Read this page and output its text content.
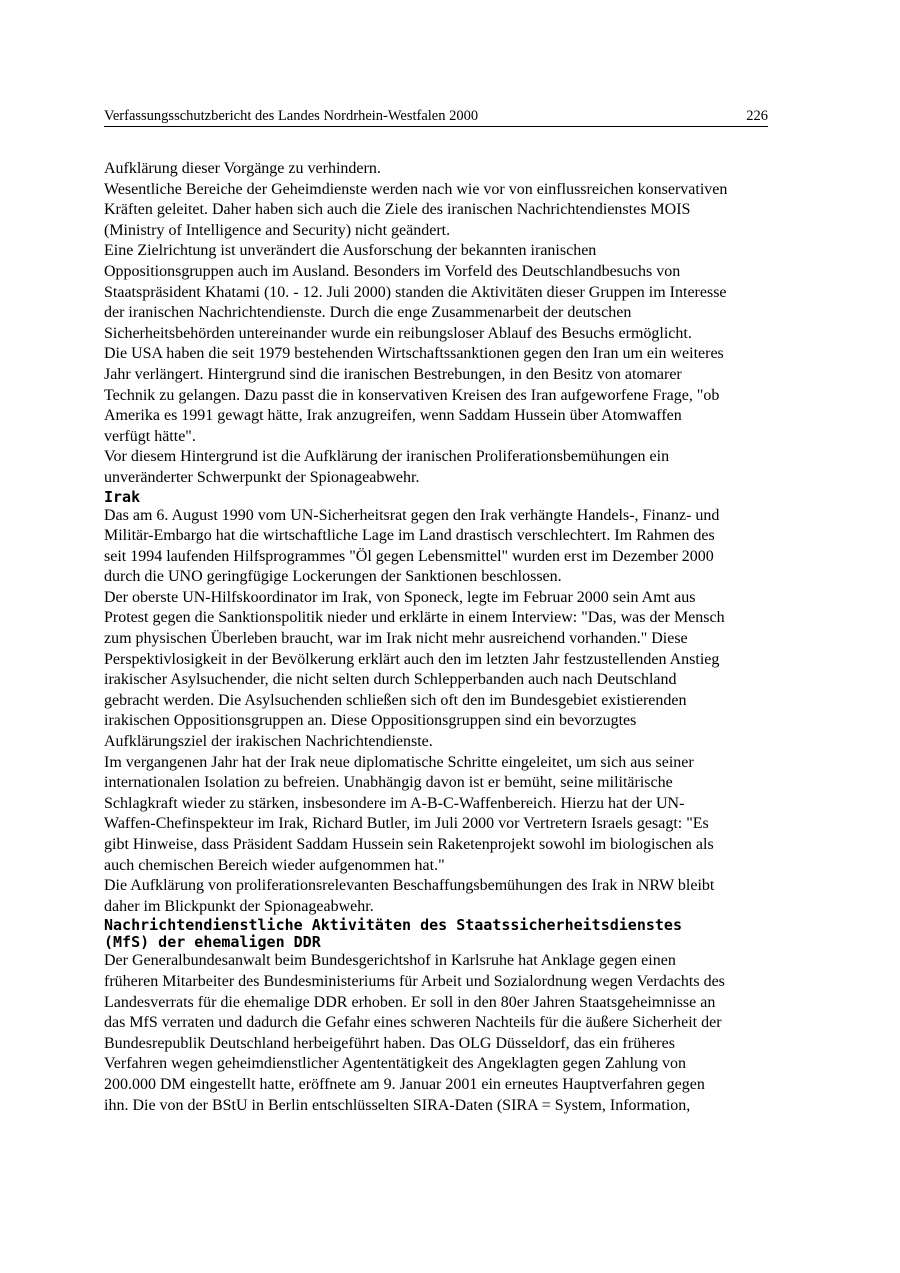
Verfassungsschutzbericht des Landes Nordrhein-Westfalen 2000	226

Aufklärung dieser Vorgänge zu verhindern.
Wesentliche Bereiche der Geheimdienste werden nach wie vor von einflussreichen konservativen
Kräften geleitet. Daher haben sich auch die Ziele des iranischen Nachrichtendienstes MOIS
(Ministry of Intelligence and Security) nicht geändert.
Eine Zielrichtung ist unverändert die Ausforschung der bekannten iranischen
Oppositionsgruppen auch im Ausland. Besonders im Vorfeld des Deutschlandbesuchs von
Staatspräsident Khatami (10. - 12. Juli 2000) standen die Aktivitäten dieser Gruppen im Interesse
der iranischen Nachrichtendienste. Durch die enge Zusammenarbeit der deutschen
Sicherheitsbehörden untereinander wurde ein reibungsloser Ablauf des Besuchs ermöglicht.
Die USA haben die seit 1979 bestehenden Wirtschaftssanktionen gegen den Iran um ein weiteres
Jahr verlängert. Hintergrund sind die iranischen Bestrebungen, in den Besitz von atomarer
Technik zu gelangen. Dazu passt die in konservativen Kreisen des Iran aufgeworfene Frage, "ob
Amerika es 1991 gewagt hätte, Irak anzugreifen, wenn Saddam Hussein über Atomwaffen
verfügt hätte".
Vor diesem Hintergrund ist die Aufklärung der iranischen Proliferationsbemühungen ein
unveränderter Schwerpunkt der Spionageabwehr.

Irak

Das am 6. August 1990 vom UN-Sicherheitsrat gegen den Irak verhängte Handels-, Finanz- und
Militär-Embargo hat die wirtschaftliche Lage im Land drastisch verschlechtert. Im Rahmen des
seit 1994 laufenden Hilfsprogrammes "Öl gegen Lebensmittel" wurden erst im Dezember 2000
durch die UNO geringfügige Lockerungen der Sanktionen beschlossen.
Der oberste UN-Hilfskoordinator im Irak, von Sponeck, legte im Februar 2000 sein Amt aus
Protest gegen die Sanktionspolitik nieder und erklärte in einem Interview: "Das, was der Mensch
zum physischen Überleben braucht, war im Irak nicht mehr ausreichend vorhanden." Diese
Perspektivlosigkeit in der Bevölkerung erklärt auch den im letzten Jahr festzustellenden Anstieg
irakischer Asylsuchender, die nicht selten durch Schlepperbanden auch nach Deutschland
gebracht werden. Die Asylsuchenden schließen sich oft den im Bundesgebiet existierenden
irakischen Oppositionsgruppen an. Diese Oppositionsgruppen sind ein bevorzugtes
Aufklärungsziel der irakischen Nachrichtendienste.
Im vergangenen Jahr hat der Irak neue diplomatische Schritte eingeleitet, um sich aus seiner
internationalen Isolation zu befreien. Unabhängig davon ist er bemüht, seine militärische
Schlagkraft wieder zu stärken, insbesondere im A-B-C-Waffenbereich. Hierzu hat der UN-
Waffen-Chefinspekteur im Irak, Richard Butler, im Juli 2000 vor Vertretern Israels gesagt: "Es
gibt Hinweise, dass Präsident Saddam Hussein sein Raketenprojekt sowohl im biologischen als
auch chemischen Bereich wieder aufgenommen hat."
Die Aufklärung von proliferationsrelevanten Beschaffungsbemühungen des Irak in NRW bleibt
daher im Blickpunkt der Spionageabwehr.

Nachrichtendienstliche Aktivitäten des Staatssicherheitsdienstes
(MfS) der ehemaligen DDR

Der Generalbundesanwalt beim Bundesgerichtshof in Karlsruhe hat Anklage gegen einen
früheren Mitarbeiter des Bundesministeriums für Arbeit und Sozialordnung wegen Verdachts des
Landesverrats für die ehemalige DDR erhoben. Er soll in den 80er Jahren Staatsgeheimnisse an
das MfS verraten und dadurch die Gefahr eines schweren Nachteils für die äußere Sicherheit der
Bundesrepublik Deutschland herbeigeführt haben. Das OLG Düsseldorf, das ein früheres
Verfahren wegen geheimdienstlicher Agententätigkeit des Angeklagten gegen Zahlung von
200.000 DM eingestellt hatte, eröffnete am 9. Januar 2001 ein erneutes Hauptverfahren gegen
ihn. Die von der BStU in Berlin entschlüsselten SIRA-Daten (SIRA = System, Information,
